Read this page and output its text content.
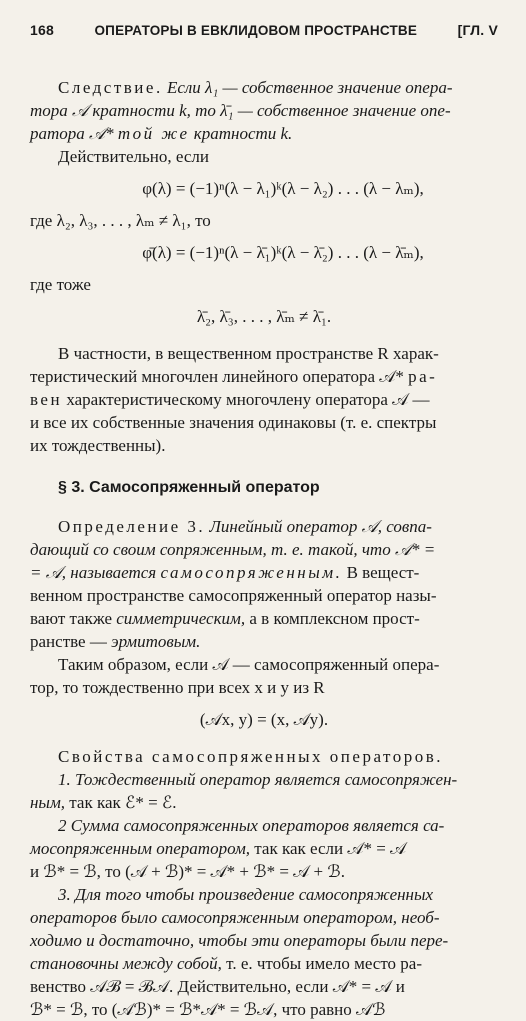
168	ОПЕРАТОРЫ В ЕВКЛИДОВОМ ПРОСТРАНСТВЕ	[ГЛ. V

Следствие. Если λ₁ — собственное значение опера-

тора 𝒜 кратности k, то λ̄₁ — собственное значение опе-

ратора 𝒜* той же кратности k.

Действительно, если

φ(λ) = (−1)ⁿ(λ − λ₁)ᵏ(λ − λ₂) . . . (λ − λₘ),

где λ₂, λ₃, . . . , λₘ ≠ λ₁, то

φ̄(λ) = (−1)ⁿ(λ − λ̄₁)ᵏ(λ − λ̄₂) . . . (λ − λ̄ₘ),

где тоже

λ̄₂, λ̄₃, . . . , λ̄ₘ ≠ λ̄₁.

В частности, в вещественном пространстве R харак-

теристический многочлен линейного оператора 𝒜* ра-

вен характеристическому многочлену оператора 𝒜 —

и все их собственные значения одинаковы (т. е. спектры

их тождественны).

§ 3. Самосопряженный оператор

Определение 3. Линейный оператор 𝒜, совпа-

дающий со своим сопряженным, т. е. такой, что 𝒜* =

= 𝒜, называется самосопряженным. В вещест-

венном пространстве самосопряженный оператор назы-

вают также симметрическим, а в комплексном прост-

ранстве — эрмитовым.

Таким образом, если 𝒜 — самосопряженный опера-

тор, то тождественно при всех x и y из R

(𝒜x, y) = (x, 𝒜y).

Свойства самосопряженных операторов.

1. Тождественный оператор является самосопряжен-

ным, так как ℰ* = ℰ.

2 Сумма самосопряженных операторов является са-

мосопряженным оператором, так как если 𝒜* = 𝒜

и ℬ* = ℬ, то (𝒜 + ℬ)* = 𝒜* + ℬ* = 𝒜 + ℬ.

3. Для того чтобы произведение самосопряженных

операторов было самосопряженным оператором, необ-

ходимо и достаточно, чтобы эти операторы были пере-

становочны между собой, т. е. чтобы имело место ра-

венство 𝒜ℬ = ℬ𝒜. Действительно, если 𝒜* = 𝒜 и

ℬ* = ℬ, то (𝒜ℬ)* = ℬ*𝒜* = ℬ𝒜, что равно 𝒜ℬ
